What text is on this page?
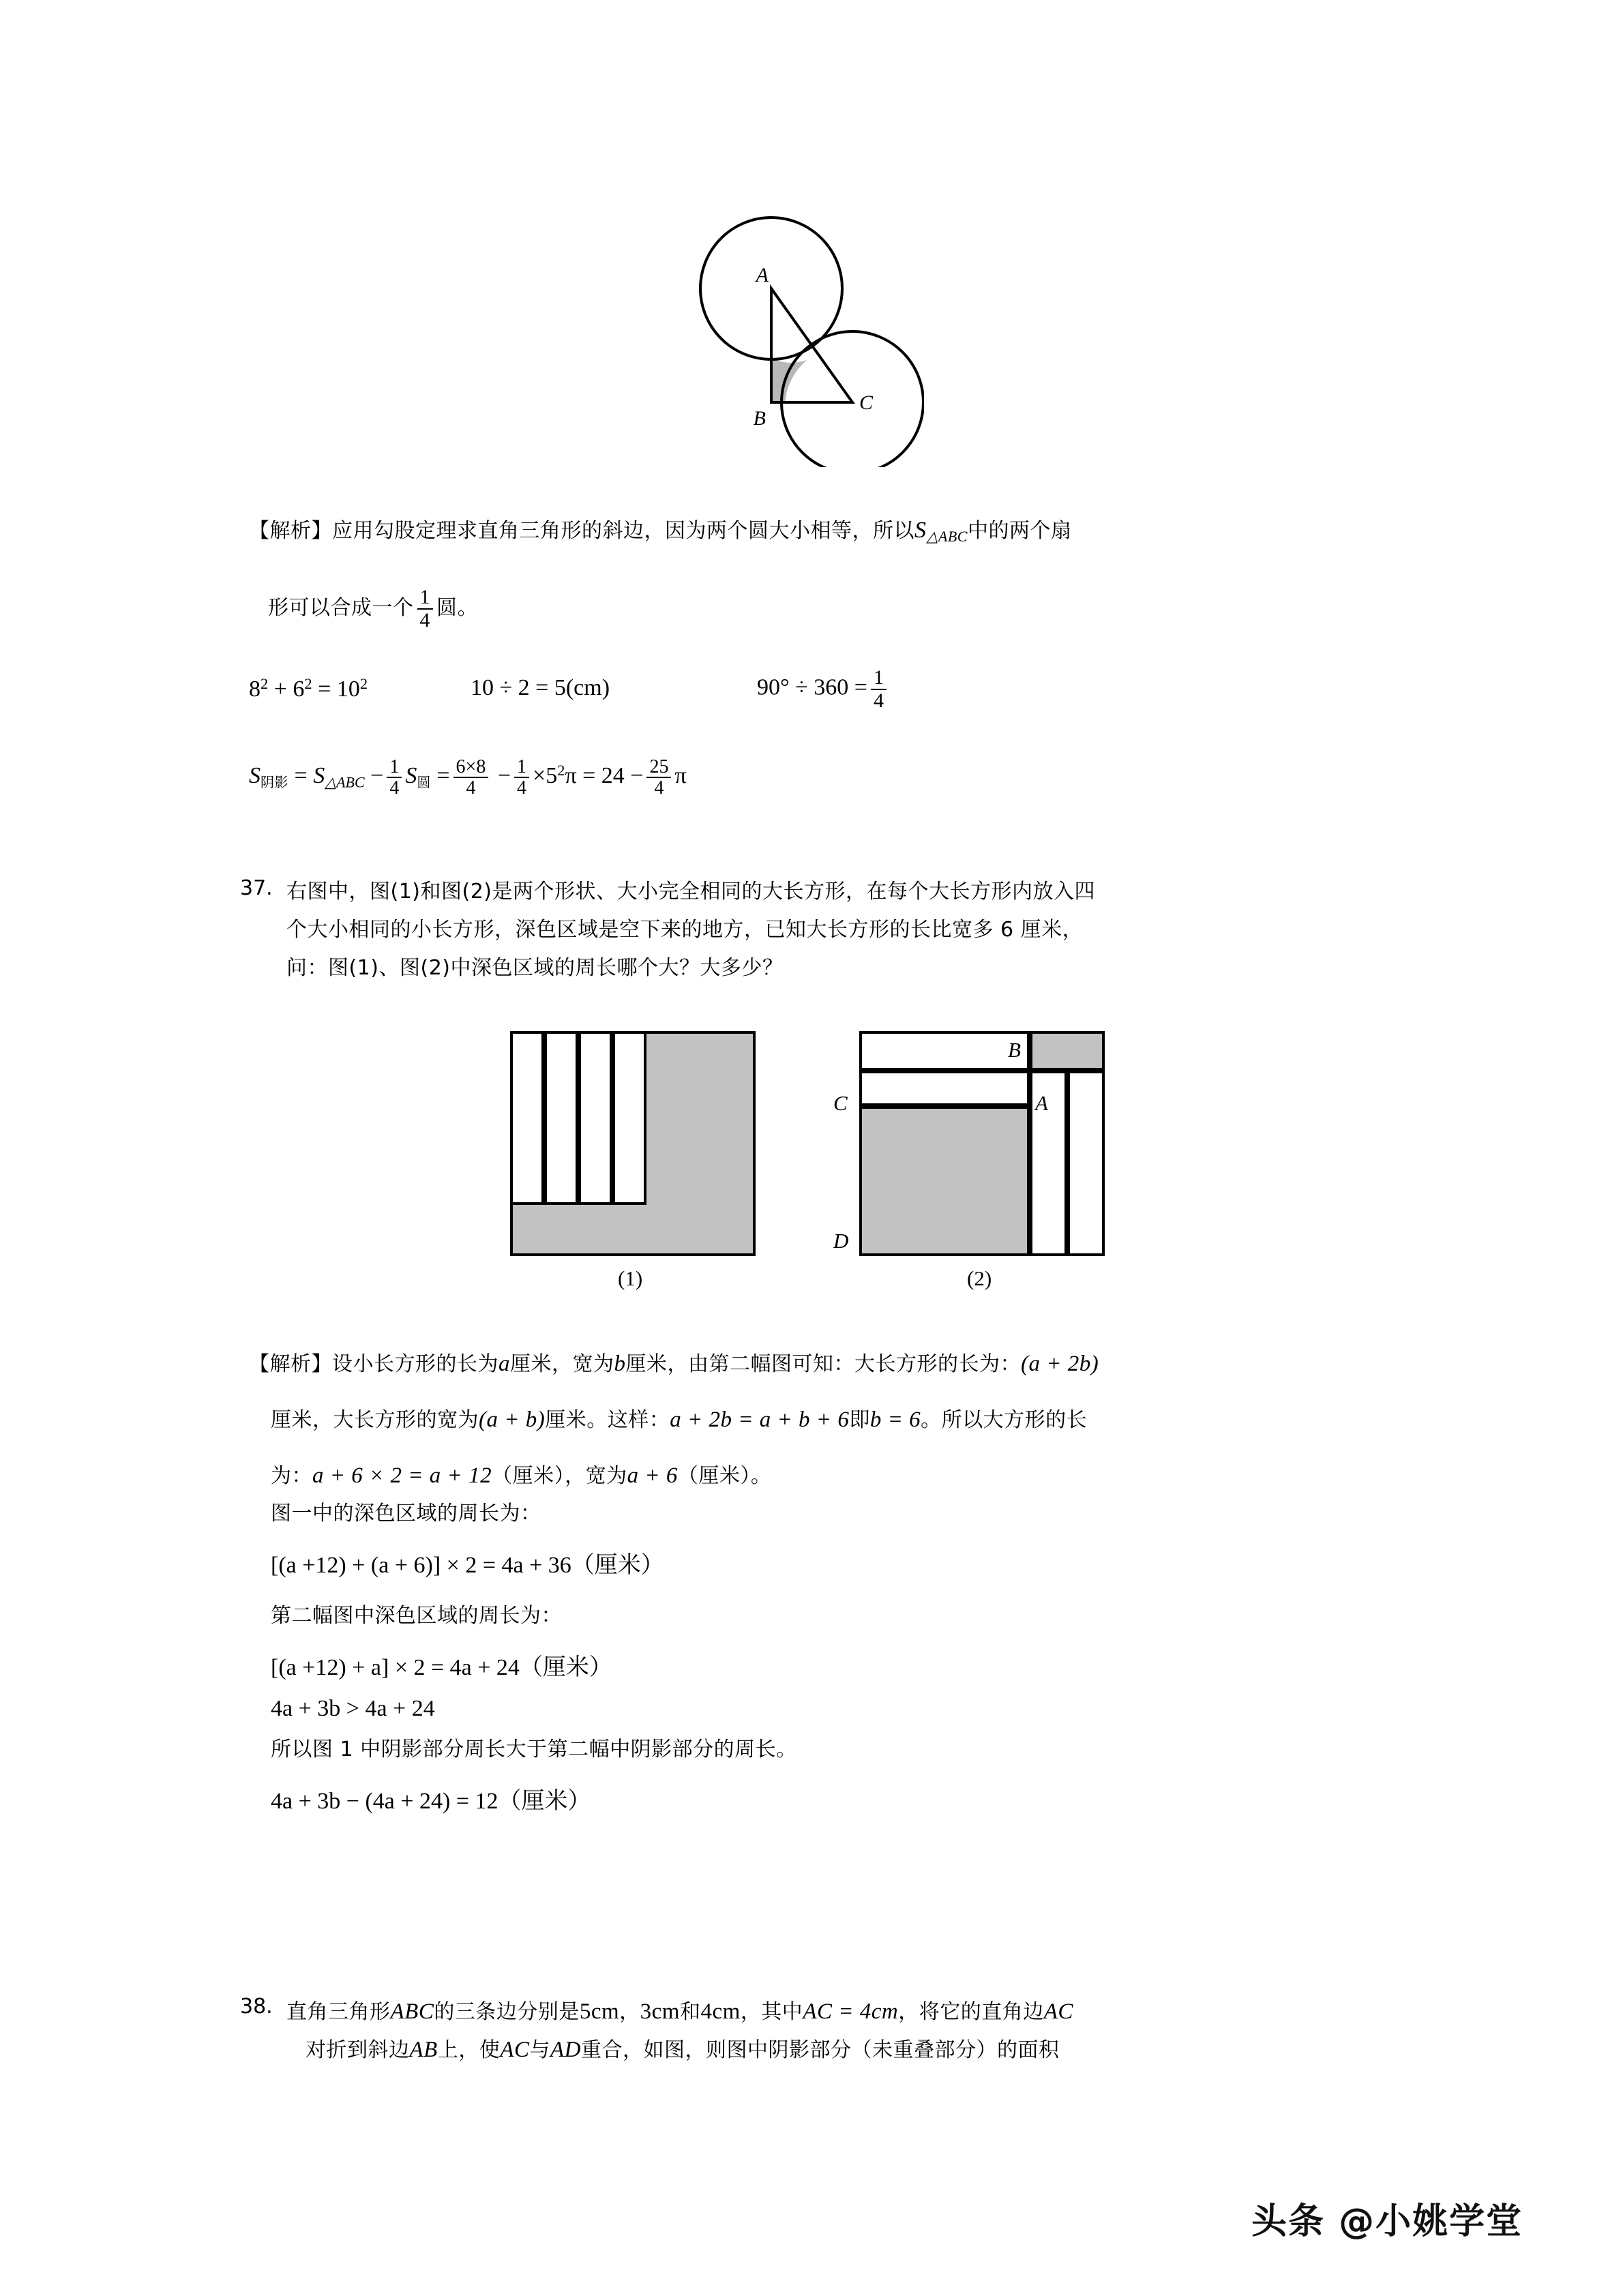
A
B
C
【解析】应用勾股定理求直角三角形的斜边，因为两个圆大小相等，所以$S_{\triangle ABC}$中的两个扇
形可以合成一个 $\frac{1}{4}$ 圆。
$8^2 + 6^2 = 10^2$	10 ÷ 2 = 5(cm)	$90^\circ \div 360 = \frac{1}{4}$
$S_{阴影} = S_{\triangle ABC} - \frac{1}{4} S_圆 = \frac{6\times 8}{4} - \frac{1}{4} \times 5^2\pi = 24 - \frac{25}{4}$ π
37. 右图中，图(1)和图(2)是两个形状、大小完全相同的大长方形，在每个大长方形内放入四
个大小相同的小长方形，深色区域是空下来的地方，已知大长方形的长比宽多 6 厘米，
问：图(1)、图(2)中深色区域的周长哪个大？大多少？
(1)
B
C	A
D
(2)
【解析】设小长方形的长为a厘米，宽为b厘米，由第二幅图可知：大长方形的长为：(a + 2b)
厘米，大长方形的宽为(a + b)厘米。这样：a + 2b = a + b + 6即b = 6。所以大方形的长
为：a + 6 × 2 = a + 12（厘米），宽为a + 6（厘米）。
图一中的深色区域的周长为：
[(a +12) + (a + 6)] × 2 = 4a + 36（厘米）
第二幅图中深色区域的周长为：
[(a +12) + a] × 2 = 4a + 24（厘米）
4a + 3b > 4a + 24
所以图 1 中阴影部分周长大于第二幅中阴影部分的周长。
4a + 3b − (4a + 24) = 12（厘米）
38. 直角三角形ABC的三条边分别是5cm，3cm和4cm，其中AC = 4cm，将它的直角边AC
对折到斜边AB上，使AC与AD重合，如图，则图中阴影部分（未重叠部分）的面积
头条 @小姚学堂
